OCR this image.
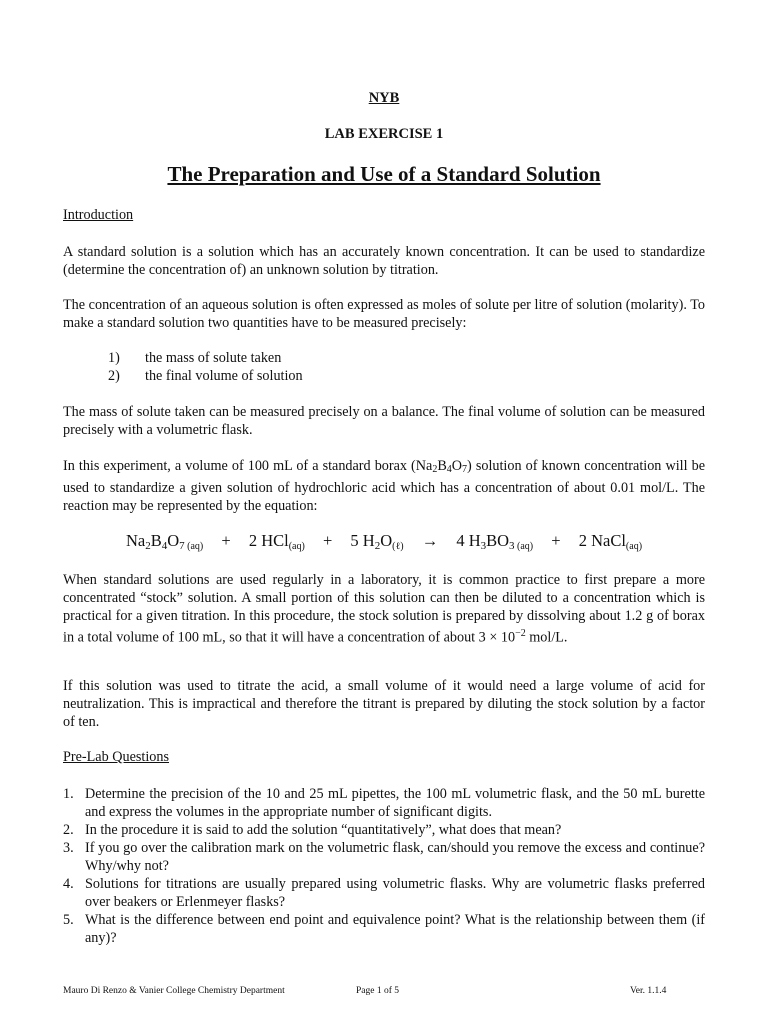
NYB
LAB EXERCISE 1
The Preparation and Use of a Standard Solution
Introduction

A standard solution is a solution which has an accurately known concentration. It can be used to standardize (determine the concentration of) an unknown solution by titration.

The concentration of an aqueous solution is often expressed as moles of solute per litre of solution (molarity). To make a standard solution two quantities have to be measured precisely:

1) the mass of solute taken
2) the final volume of solution

The mass of solute taken can be measured precisely on a balance. The final volume of solution can be measured precisely with a volumetric flask.

In this experiment, a volume of 100 mL of a standard borax $(Na_2B_4O_7)$ solution of known concentration will be used to standardize a given solution of hydrochloric acid which has a concentration of about 0.01 mol/L. The reaction may be represented by the equation:

$Na_2B_4O_7$ $_{(aq)}$ + 2 HCl$_{(aq)}$ + 5 $H_2O_{(\ell)} \to 4$ $H_3BO_3$ $_{(aq)}$ + 2 NaCl$_{(aq)}$

When standard solutions are used regularly in a laboratory, it is common practice to first prepare a more concentrated “stock” solution. A small portion of this solution can then be diluted to a concentration which is practical for a given titration. In this procedure, the stock solution is prepared by dissolving about 1.2 g of borax in a total volume of 100 mL, so that it will have a concentration of about $3 \times 10^{-2}$ mol/L.

If this solution was used to titrate the acid, a small volume of it would need a large volume of acid for neutralization. This is impractical and therefore the titrant is prepared by diluting the stock solution by a factor of ten.

Pre-Lab Questions
1. Determine the precision of the 10 and 25 mL pipettes, the 100 mL volumetric flask, and the 50 mL burette and express the volumes in the appropriate number of significant digits.
2. In the procedure it is said to add the solution “quantitatively”, what does that mean?
3. If you go over the calibration mark on the volumetric flask, can/should you remove the excess and continue? Why/why not?
4. Solutions for titrations are usually prepared using volumetric flasks. Why are volumetric flasks preferred over beakers or Erlenmeyer flasks?
5. What is the difference between end point and equivalence point? What is the relationship between them (if any)?
Mauro Di Renzo & Vanier College Chemistry Department	Page 1 of 5	Ver. 1.1.4
